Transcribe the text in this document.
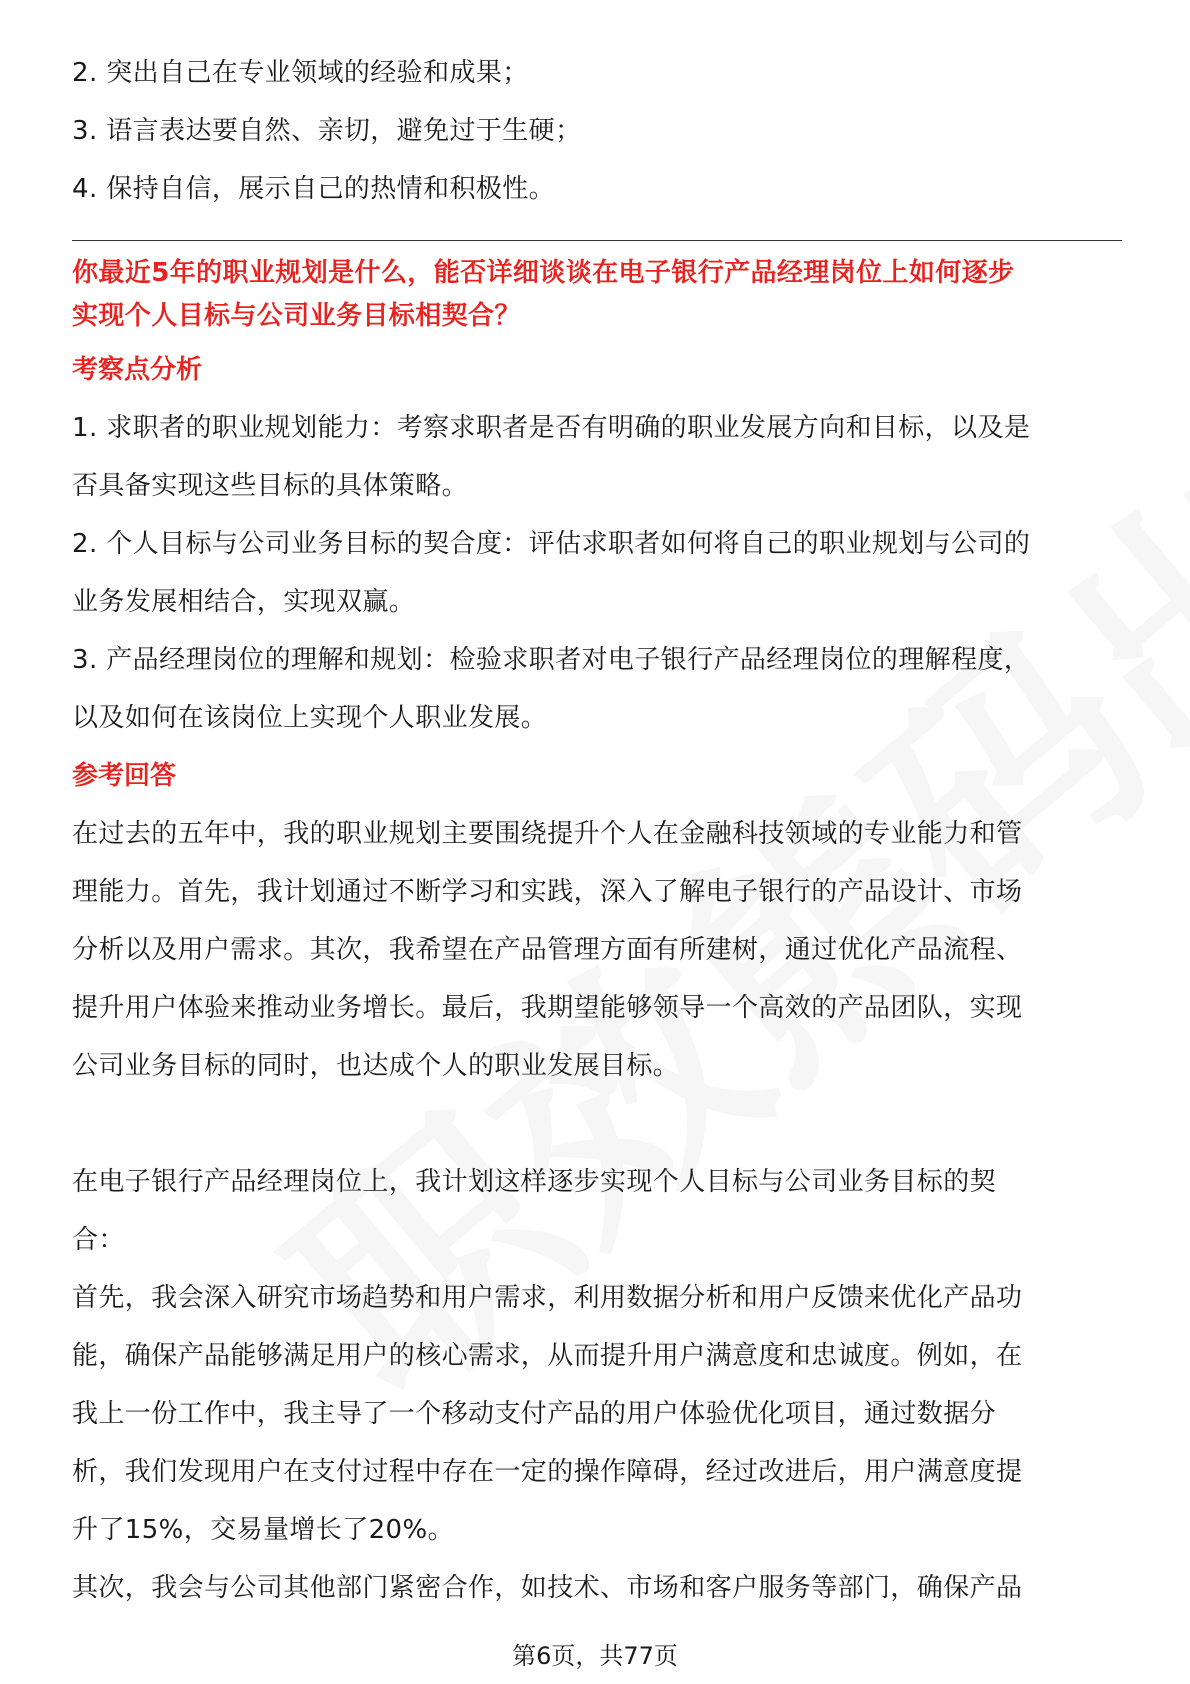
2. 突出自己在专业领域的经验和成果；

3. 语言表达要自然、亲切，避免过于生硬；

4. 保持自信，展示自己的热情和积极性。

你最近5年的职业规划是什么，能否详细谈谈在电子银行产品经理岗位上如何逐步

实现个人目标与公司业务目标相契合？

考察点分析

1. 求职者的职业规划能力：考察求职者是否有明确的职业发展方向和目标，以及是

否具备实现这些目标的具体策略。

2. 个人目标与公司业务目标的契合度：评估求职者如何将自己的职业规划与公司的

业务发展相结合，实现双赢。

3. 产品经理岗位的理解和规划：检验求职者对电子银行产品经理岗位的理解程度，

以及如何在该岗位上实现个人职业发展。

参考回答

在过去的五年中，我的职业规划主要围绕提升个人在金融科技领域的专业能力和管

理能力。首先，我计划通过不断学习和实践，深入了解电子银行的产品设计、市场

分析以及用户需求。其次，我希望在产品管理方面有所建树，通过优化产品流程、

提升用户体验来推动业务增长。最后，我期望能够领导一个高效的产品团队，实现

公司业务目标的同时，也达成个人的职业发展目标。

在电子银行产品经理岗位上，我计划这样逐步实现个人目标与公司业务目标的契

合：

首先，我会深入研究市场趋势和用户需求，利用数据分析和用户反馈来优化产品功

能，确保产品能够满足用户的核心需求，从而提升用户满意度和忠诚度。例如，在

我上一份工作中，我主导了一个移动支付产品的用户体验优化项目，通过数据分

析，我们发现用户在支付过程中存在一定的操作障碍，经过改进后，用户满意度提

升了15%，交易量增长了20%。

其次，我会与公司其他部门紧密合作，如技术、市场和客户服务等部门，确保产品

第6页，共77页
